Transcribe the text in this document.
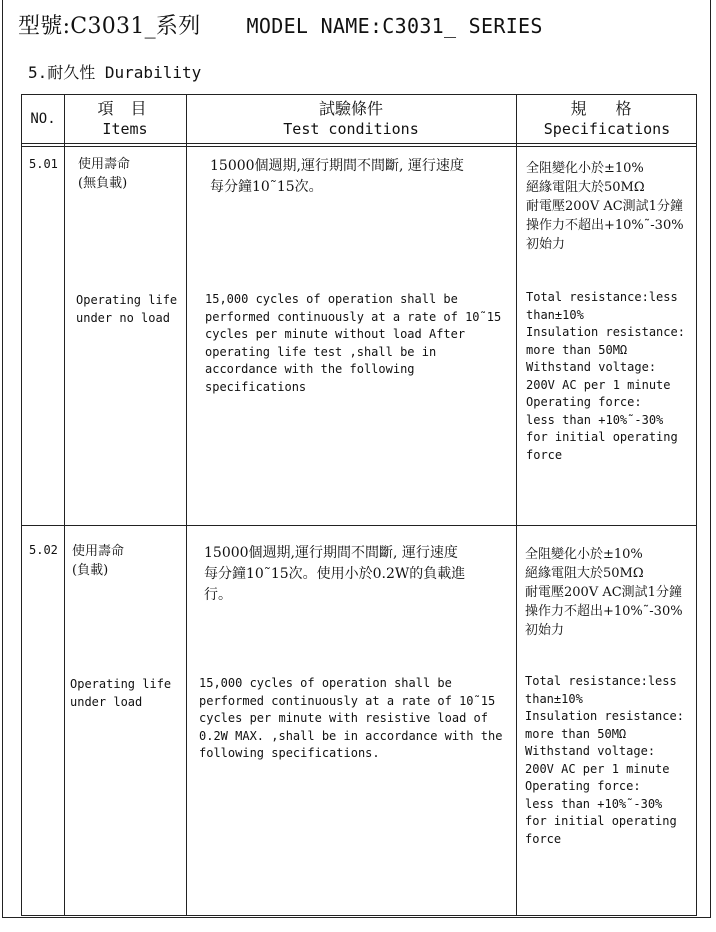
型號:C3031_系列 MODEL NAME:C3031_ SERIES
5.耐久性 Durability
NO.
項 目
Items
試驗條件
Test conditions
規 格
Specifications
5.01 使用壽命
(無負載)
Operating life
under no load
15000個週期,運行期間不間斷, 運行速度
每分鐘10˜15次。
15,000 cycles of operation shall be
performed continuously at a rate of 10˜15
cycles per minute without load After
operating life test ,shall be in
accordance with the following
specifications
全阻變化小於±10%
絕緣電阻大於50MΩ
耐電壓200V AC測試1分鐘
操作力不超出+10%˜-30%
初始力
Total resistance:less
than±10%
Insulation resistance:
more than 50MΩ
Withstand voltage:
200V AC per 1 minute
Operating force:
less than +10%˜-30%
for initial operating
force
5.02 使用壽命
(負載)
Operating life
under load
15000個週期,運行期間不間斷, 運行速度
每分鐘10˜15次。使用小於0.2W的負載進
行。
15,000 cycles of operation shall be
performed continuously at a rate of 10˜15
cycles per minute with resistive load of
0.2W MAX. ,shall be in accordance with the
following specifications.
全阻變化小於±10%
絕緣電阻大於50MΩ
耐電壓200V AC測試1分鐘
操作力不超出+10%˜-30%
初始力
Total resistance:less
than±10%
Insulation resistance:
more than 50MΩ
Withstand voltage:
200V AC per 1 minute
Operating force:
less than +10%˜-30%
for initial operating
force
